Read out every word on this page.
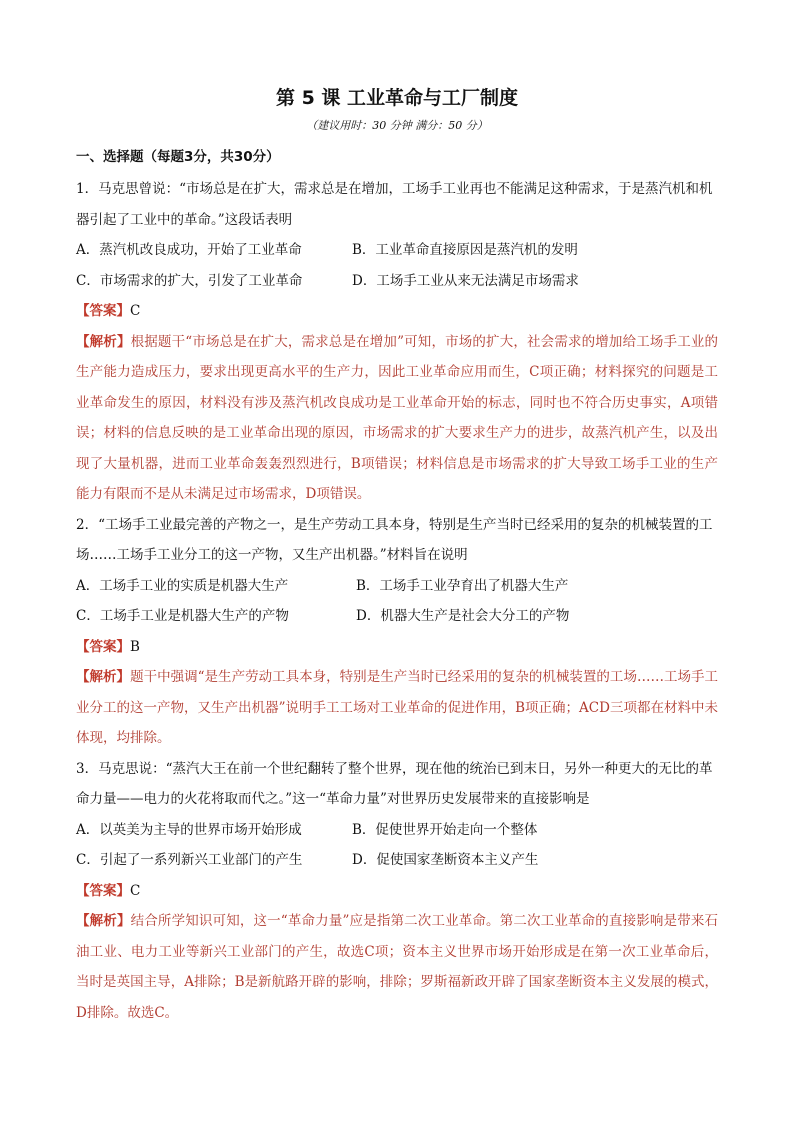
第 5 课 工业革命与工厂制度
（建议用时：30 分钟 满分：50 分）
一、选择题（每题3分，共30分）
1．马克思曾说：“市场总是在扩大，需求总是在增加，工场手工业再也不能满足这种需求，于是蒸汽机和机器引起了工业中的革命。”这段话表明
A．蒸汽机改良成功，开始了工业革命	B．工业革命直接原因是蒸汽机的发明
C．市场需求的扩大，引发了工业革命	D．工场手工业从来无法满足市场需求
【答案】C
【解析】根据题干“市场总是在扩大，需求总是在增加”可知，市场的扩大，社会需求的增加给工场手工业的生产能力造成压力，要求出现更高水平的生产力，因此工业革命应用而生，C项正确；材料探究的问题是工业革命发生的原因，材料没有涉及蒸汽机改良成功是工业革命开始的标志，同时也不符合历史事实，A项错误；材料的信息反映的是工业革命出现的原因，市场需求的扩大要求生产力的进步，故蒸汽机产生，以及出现了大量机器，进而工业革命轰轰烈烈进行，B项错误；材料信息是市场需求的扩大导致工场手工业的生产能力有限而不是从未满足过市场需求，D项错误。
2．“工场手工业最完善的产物之一，是生产劳动工具本身，特别是生产当时已经采用的复杂的机械装置的工场……工场手工业分工的这一产物，又生产出机器。”材料旨在说明
A．工场手工业的实质是机器大生产	B．工场手工业孕育出了机器大生产
C．工场手工业是机器大生产的产物	D．机器大生产是社会大分工的产物
【答案】B
【解析】题干中强调“是生产劳动工具本身，特别是生产当时已经采用的复杂的机械装置的工场……工场手工业分工的这一产物，又生产出机器”说明手工工场对工业革命的促进作用，B项正确；ACD三项都在材料中未体现，均排除。
3．马克思说：“蒸汽大王在前一个世纪翻转了整个世界，现在他的统治已到末日，另外一种更大的无比的革命力量——电力的火花将取而代之。”这一“革命力量”对世界历史发展带来的直接影响是
A．以英美为主导的世界市场开始形成	B．促使世界开始走向一个整体
C．引起了一系列新兴工业部门的产生	D．促使国家垄断资本主义产生
【答案】C
【解析】结合所学知识可知，这一“革命力量”应是指第二次工业革命。第二次工业革命的直接影响是带来石油工业、电力工业等新兴工业部门的产生，故选C项；资本主义世界市场开始形成是在第一次工业革命后，当时是英国主导，A排除；B是新航路开辟的影响，排除；罗斯福新政开辟了国家垄断资本主义发展的模式，D排除。故选C。
